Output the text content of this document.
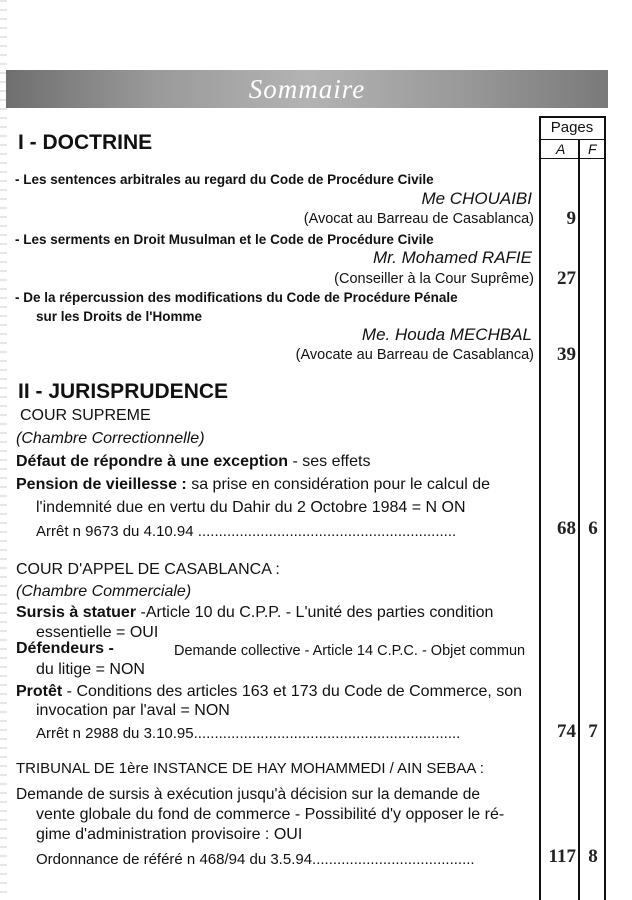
Sommaire
Pages
A F
I - DOCTRINE
- Les sentences arbitrales au regard du Code de Procédure Civile
Me CHOUAIBI
(Avocat au Barreau de Casablanca)	9
- Les serments en Droit Musulman et le Code de Procédure Civile
Mr. Mohamed RAFIE
(Conseiller à la Cour Suprême)	27
- De la répercussion des modifications du Code de Procédure Pénale
sur les Droits de l'Homme
Me. Houda MECHBAL
(Avocate au Barreau de Casablanca)	39
II - JURISPRUDENCE
COUR SUPREME
(Chambre Correctionnelle)
Défaut de répondre à une exception - ses effets
Pension de vieillesse : sa prise en considération pour le calcul de
l'indemnité due en vertu du Dahir du 2 Octobre 1984 = N ON
Arrêt n 9673 du 4.10.94 ..............................................................	68 6
COUR D'APPEL DE CASABLANCA :
(Chambre Commerciale)
Sursis à statuer -Article 10 du C.P.P. - L'unité des parties condition
essentielle = OUI
Défendeurs -	Demande collective - Article 14 C.P.C. - Objet commun
du litige = NON
Protêt - Conditions des articles 163 et 173 du Code de Commerce, son
invocation par l'aval = NON
Arrêt n 2988 du 3.10.95................................................................	74 7
TRIBUNAL DE 1ère INSTANCE DE HAY MOHAMMEDI / AIN SEBAA :
Demande de sursis à exécution jusqu'à décision sur la demande de
vente globale du fond de commerce - Possibilité d'y opposer le ré-
gime d'administration provisoire : OUI
Ordonnance de référé n 468/94 du 3.5.94.......................................	117 8
